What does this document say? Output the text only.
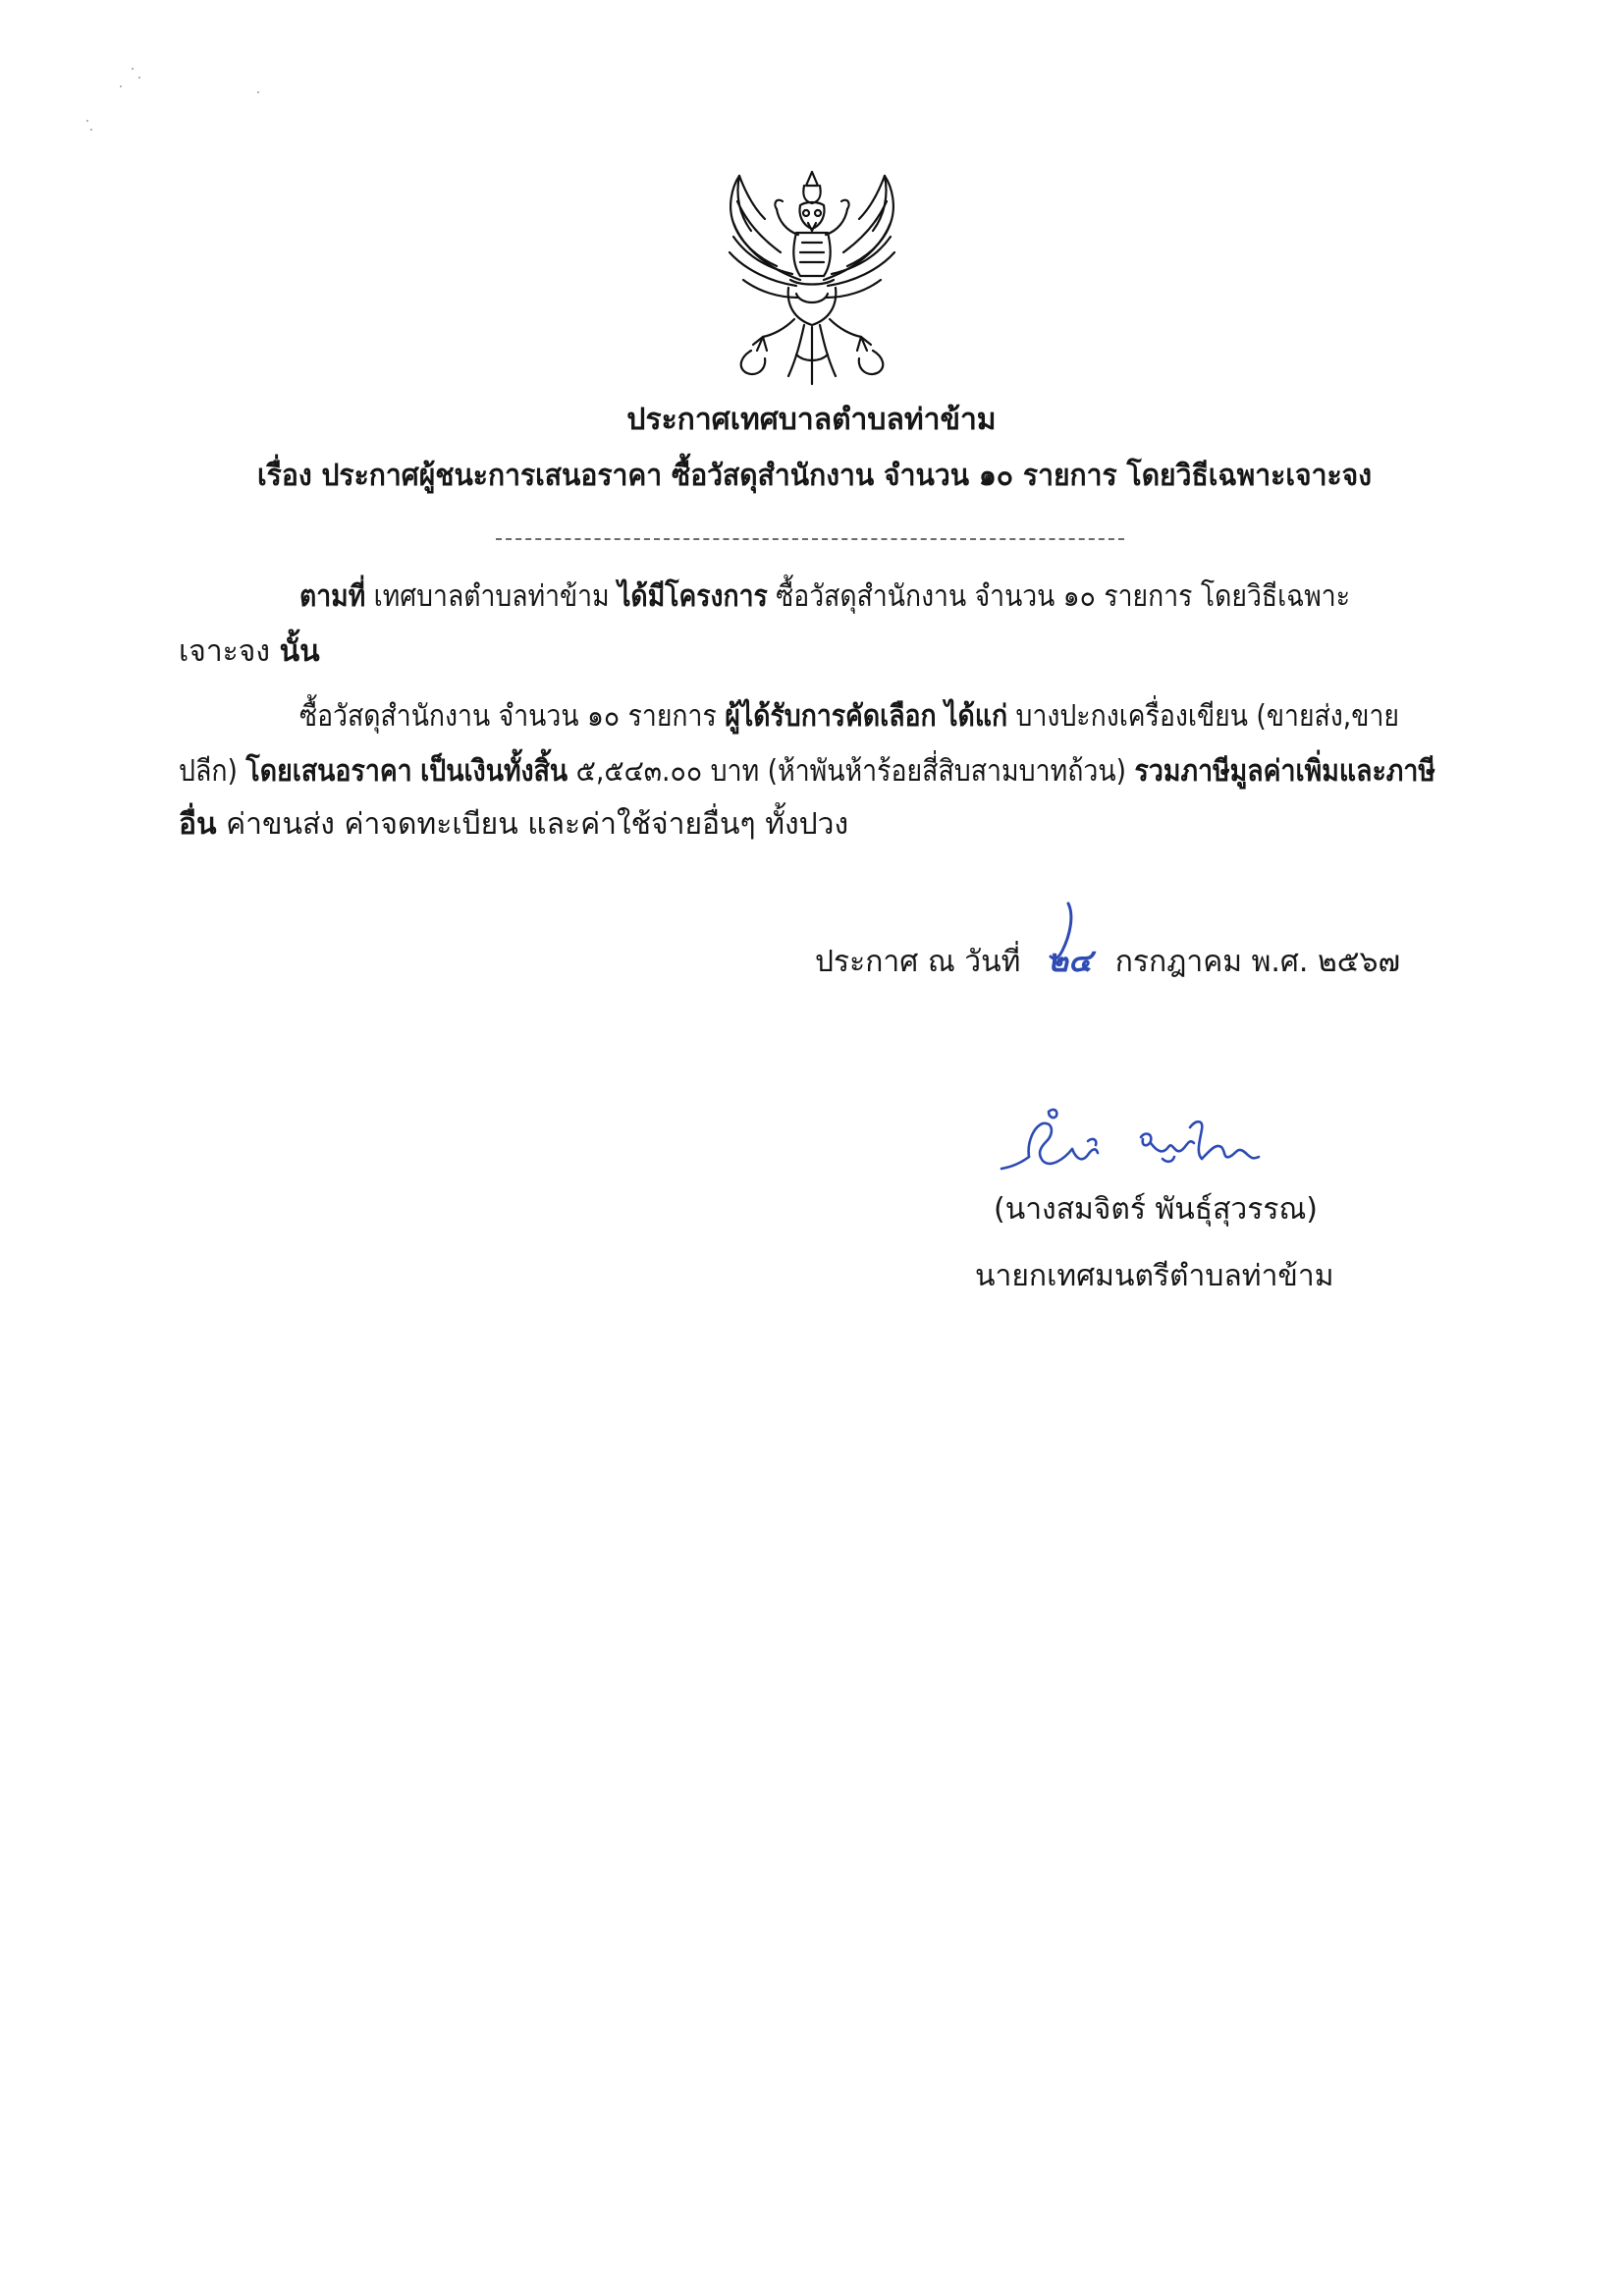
ประกาศเทศบาลตำบลท่าข้าม
เรื่อง ประกาศผู้ชนะการเสนอราคา ซื้อวัสดุสำนักงาน จำนวน ๑๐ รายการ โดยวิธีเฉพาะเจาะจง
ตามที่ เทศบาลตำบลท่าข้าม ได้มีโครงการ ซื้อวัสดุสำนักงาน จำนวน ๑๐ รายการ โดยวิธีเฉพาะ
เจาะจง นั้น
ซื้อวัสดุสำนักงาน จำนวน ๑๐ รายการ ผู้ได้รับการคัดเลือก ได้แก่ บางปะกงเครื่องเขียน (ขายส่ง,ขาย
ปลีก) โดยเสนอราคา เป็นเงินทั้งสิ้น ๕,๕๔๓.๐๐ บาท (ห้าพันห้าร้อยสี่สิบสามบาทถ้วน) รวมภาษีมูลค่าเพิ่มและภาษี
อื่น ค่าขนส่ง ค่าจดทะเบียน และค่าใช้จ่ายอื่นๆ ทั้งปวง
ประกาศ ณ วันที่ ๒๔ กรกฎาคม พ.ศ. ๒๕๖๗
(นางสมจิตร์ พันธุ์สุวรรณ)
นายกเทศมนตรีตำบลท่าข้าม
